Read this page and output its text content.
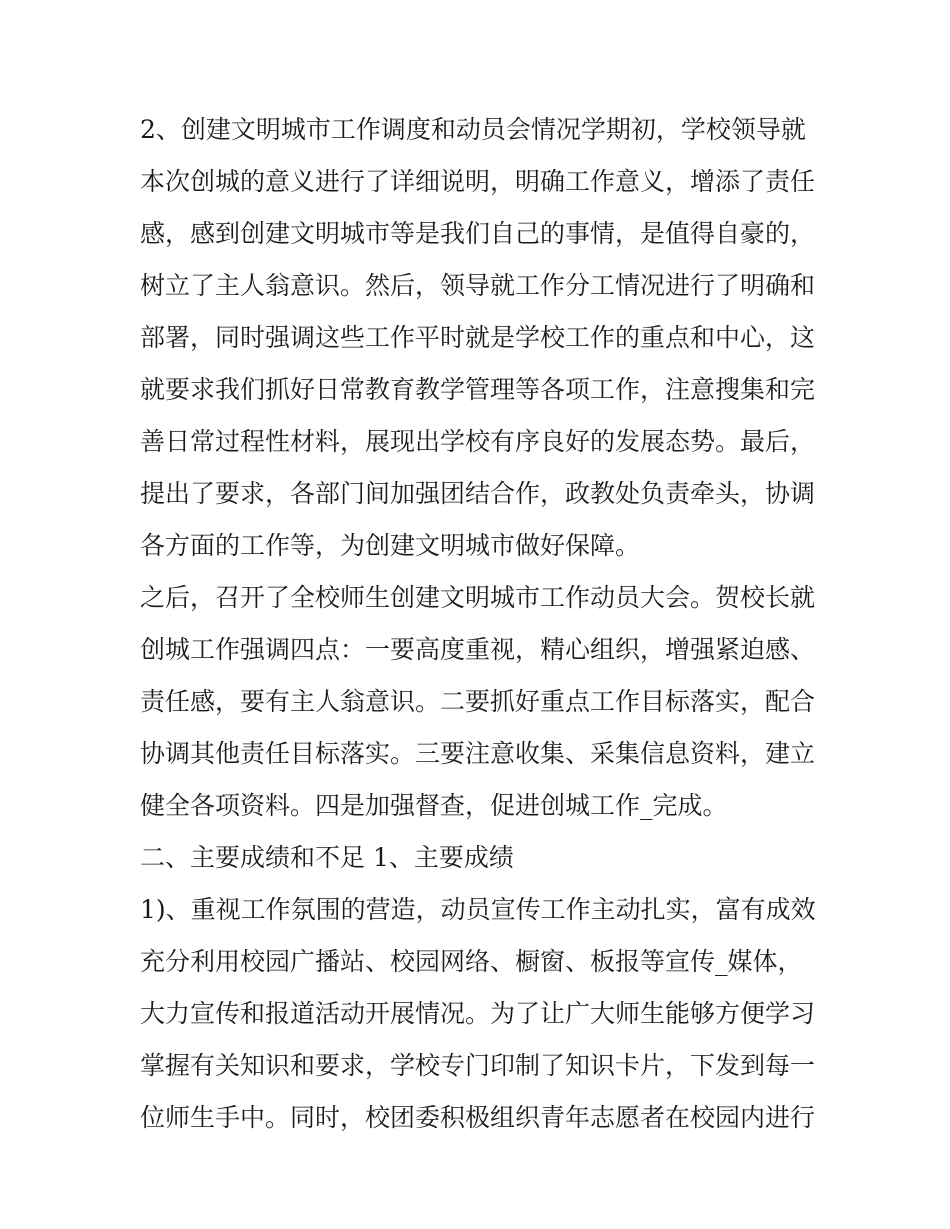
2、创建文明城市工作调度和动员会情况学期初，学校领导就
本次创城的意义进行了详细说明，明确工作意义，增添了责任
感，感到创建文明城市等是我们自己的事情，是值得自豪的，
树立了主人翁意识。然后，领导就工作分工情况进行了明确和
部署，同时强调这些工作平时就是学校工作的重点和中心，这
就要求我们抓好日常教育教学管理等各项工作，注意搜集和完
善日常过程性材料，展现出学校有序良好的发展态势。最后，
提出了要求，各部门间加强团结合作，政教处负责牵头，协调
各方面的工作等，为创建文明城市做好保障。
之后，召开了全校师生创建文明城市工作动员大会。贺校长就
创城工作强调四点：一要高度重视，精心组织，增强紧迫感、
责任感，要有主人翁意识。二要抓好重点工作目标落实，配合
协调其他责任目标落实。三要注意收集、采集信息资料，建立
健全各项资料。四是加强督查，促进创城工作_完成。
二、主要成绩和不足 1、主要成绩
1)、重视工作氛围的营造，动员宣传工作主动扎实，富有成效
充分利用校园广播站、校园网络、橱窗、板报等宣传_媒体，
大力宣传和报道活动开展情况。为了让广大师生能够方便学习
掌握有关知识和要求，学校专门印制了知识卡片，下发到每一
位师生手中。同时，校团委积极组织青年志愿者在校园内进行
